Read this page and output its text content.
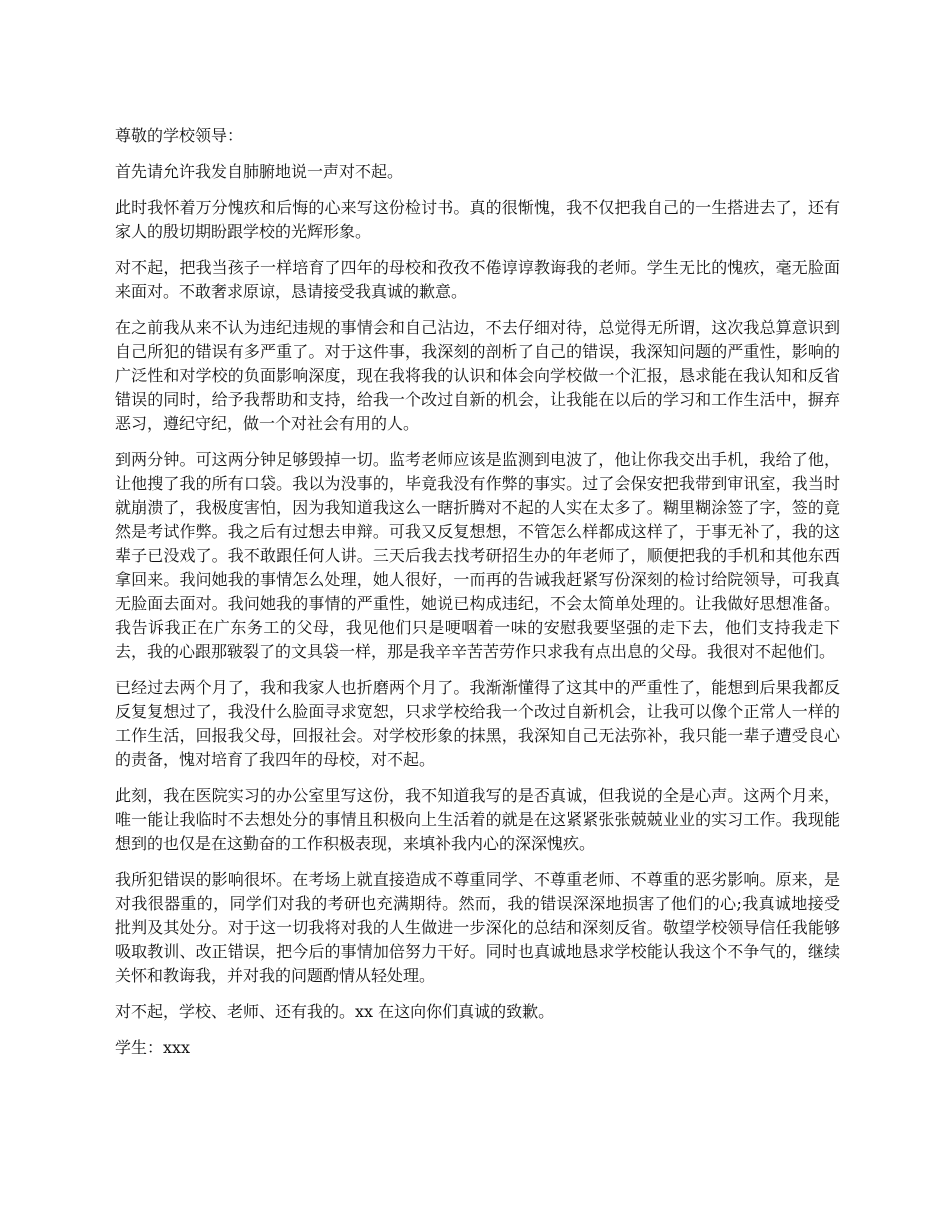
尊敬的学校领导：

首先请允许我发自肺腑地说一声对不起。

此时我怀着万分愧疚和后悔的心来写这份检讨书。真的很惭愧，我不仅把我自己的一生搭进去了，还有家人的殷切期盼跟学校的光辉形象。

对不起，把我当孩子一样培育了四年的母校和孜孜不倦谆谆教诲我的老师。学生无比的愧疚，毫无脸面来面对。不敢奢求原谅，恳请接受我真诚的歉意。

在之前我从来不认为违纪违规的事情会和自己沾边，不去仔细对待，总觉得无所谓，这次我总算意识到自己所犯的错误有多严重了。对于这件事，我深刻的剖析了自己的错误，我深知问题的严重性，影响的广泛性和对学校的负面影响深度，现在我将我的认识和体会向学校做一个汇报，恳求能在我认知和反省错误的同时，给予我帮助和支持，给我一个改过自新的机会，让我能在以后的学习和工作生活中，摒弃恶习，遵纪守纪，做一个对社会有用的人。

到两分钟。可这两分钟足够毁掉一切。监考老师应该是监测到电波了，他让你我交出手机，我给了他，让他搜了我的所有口袋。我以为没事的，毕竟我没有作弊的事实。过了会保安把我带到审讯室，我当时就崩溃了，我极度害怕，因为我知道我这么一瞎折腾对不起的人实在太多了。糊里糊涂签了字，签的竟然是考试作弊。我之后有过想去申辩。可我又反复想想，不管怎么样都成这样了，于事无补了，我的这辈子已没戏了。我不敢跟任何人讲。三天后我去找考研招生办的年老师了，顺便把我的手机和其他东西拿回来。我问她我的事情怎么处理，她人很好，一而再的告诫我赶紧写份深刻的检讨给院领导，可我真无脸面去面对。我问她我的事情的严重性，她说已构成违纪，不会太简单处理的。让我做好思想准备。我告诉我正在广东务工的父母，我见他们只是哽咽着一味的安慰我要坚强的走下去，他们支持我走下去，我的心跟那皲裂了的文具袋一样，那是我辛辛苦苦劳作只求我有点出息的父母。我很对不起他们。

已经过去两个月了，我和我家人也折磨两个月了。我渐渐懂得了这其中的严重性了，能想到后果我都反反复复想过了，我没什么脸面寻求宽恕，只求学校给我一个改过自新机会，让我可以像个正常人一样的工作生活，回报我父母，回报社会。对学校形象的抹黑，我深知自己无法弥补，我只能一辈子遭受良心的责备，愧对培育了我四年的母校，对不起。

此刻，我在医院实习的办公室里写这份，我不知道我写的是否真诚，但我说的全是心声。这两个月来，唯一能让我临时不去想处分的事情且积极向上生活着的就是在这紧紧张张兢兢业业的实习工作。我现能想到的也仅是在这勤奋的工作积极表现，来填补我内心的深深愧疚。

我所犯错误的影响很坏。在考场上就直接造成不尊重同学、不尊重老师、不尊重的恶劣影响。原来，是对我很器重的，同学们对我的考研也充满期待。然而，我的错误深深地损害了他们的心;我真诚地接受批判及其处分。对于这一切我将对我的人生做进一步深化的总结和深刻反省。敬望学校领导信任我能够吸取教训、改正错误，把今后的事情加倍努力干好。同时也真诚地恳求学校能认我这个不争气的，继续关怀和教诲我，并对我的问题酌情从轻处理。

对不起，学校、老师、还有我的。xx 在这向你们真诚的致歉。

学生：xxx
